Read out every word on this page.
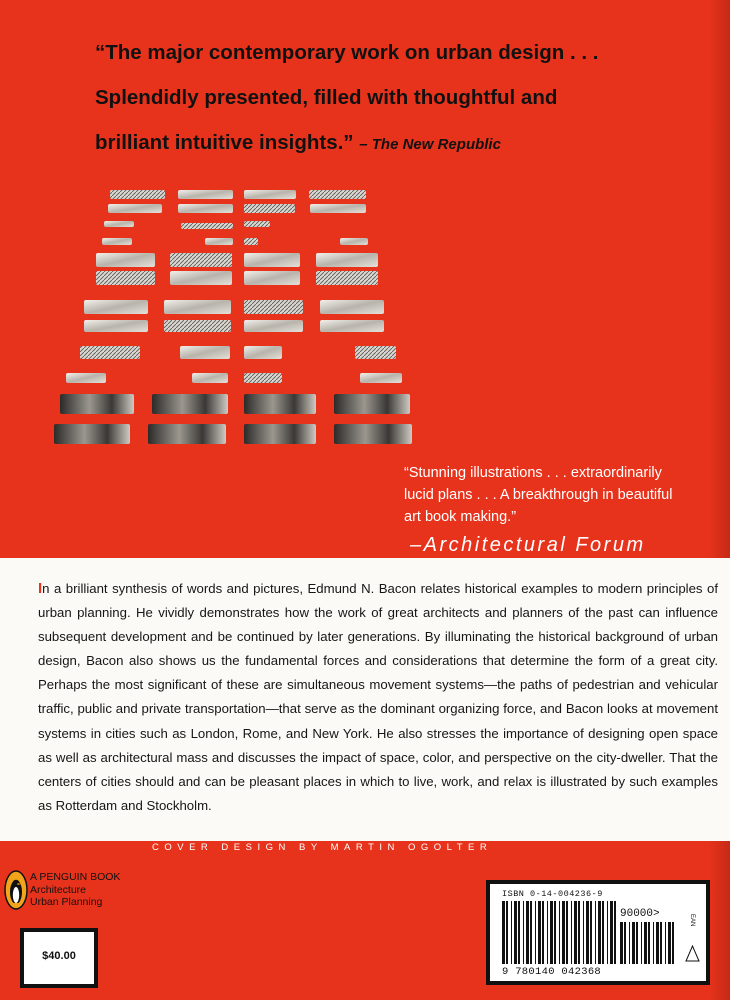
“The major contemporary work on urban design . . .
Splendidly presented, filled with thoughtful and
brilliant intuitive insights.” – The New Republic
“Stunning illustrations . . . extraordinarily
lucid plans . . . A breakthrough in beautiful
art book making.”
–Architectural Forum
In a brilliant synthesis of words and pictures, Edmund N. Bacon relates historical examples to modern principles of urban planning. He vividly demonstrates how the work of great architects and planners of the past can influence subsequent development and be continued by later generations. By illuminating the historical background of urban design, Bacon also shows us the fundamental forces and considerations that determine the form of a great city. Perhaps the most significant of these are simultaneous movement systems—the paths of pedestrian and vehicular traffic, public and private transportation—that serve as the dominant organizing force, and Bacon looks at movement systems in cities such as London, Rome, and New York. He also stresses the importance of designing open space as well as architectural mass and discusses the impact of space, color, and perspective on the city-dweller. That the centers of cities should and can be pleasant places in which to live, work, and relax is illustrated by such examples as Rotterdam and Stockholm.
COVER DESIGN BY MARTIN OGOLTER
A PENGUIN BOOK
Architecture
Urban Planning
$40.00
ISBN 0-14-004236-9
90000>	EAN
9 780140 042368
